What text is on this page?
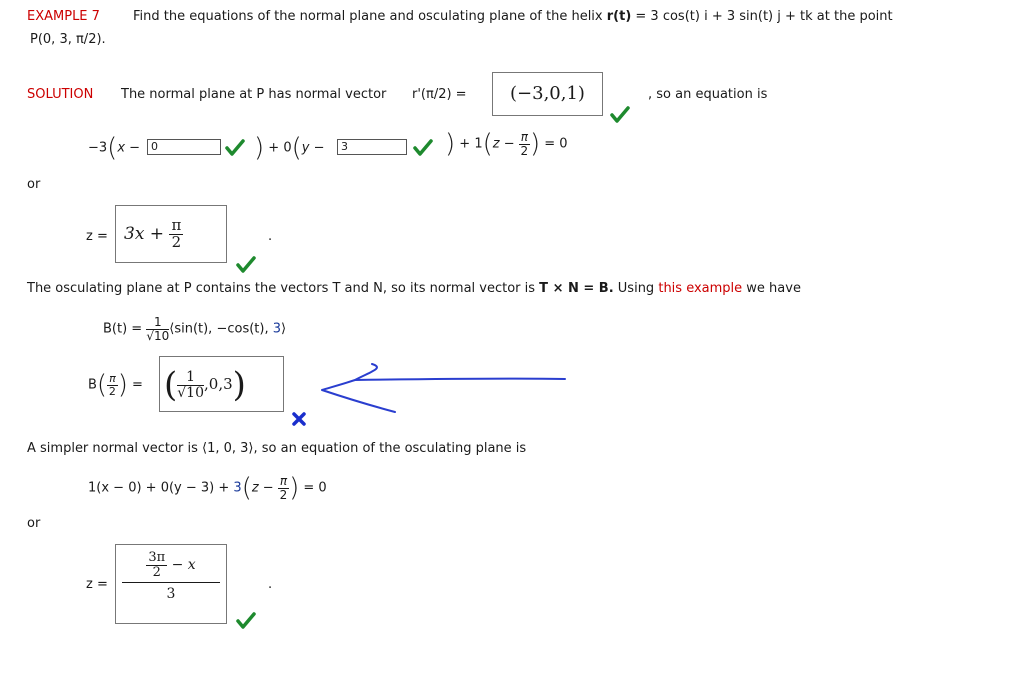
EXAMPLE 7	Find the equations of the normal plane and osculating plane of the helix r(t) = 3 cos(t) i + 3 sin(t) j + tk at the point
P(0, 3, π/2).
SOLUTION The normal plane at P has normal vector r'(π/2) =	(−3,0,1)	, so an equation is
−3(x − 0	) + 0(y −	3	) + $1(z - \frac{\pi}{2}$ ) = 0
or
$z = 3x + \frac{\pi}{2}$	.
The osculating plane at P contains the vectors T and N, so its normal vector is T × N = B. Using this example we have
$B(t) = \frac{1}{√10}$ ⟨sin(t), −cos(t), 3⟩
$B( \frac{\pi}{2}$ ) = ( $\frac{1}{√10} ,0,3$)
A simpler normal vector is ⟨1, 0, 3⟩, so an equation of the osculating plane is
$1(x - 0) + 0(y - 3) + 3(z - \frac{\pi}{2}$ ) = 0
or
z =
$\frac{3\pi}{2} - x$
3
.
